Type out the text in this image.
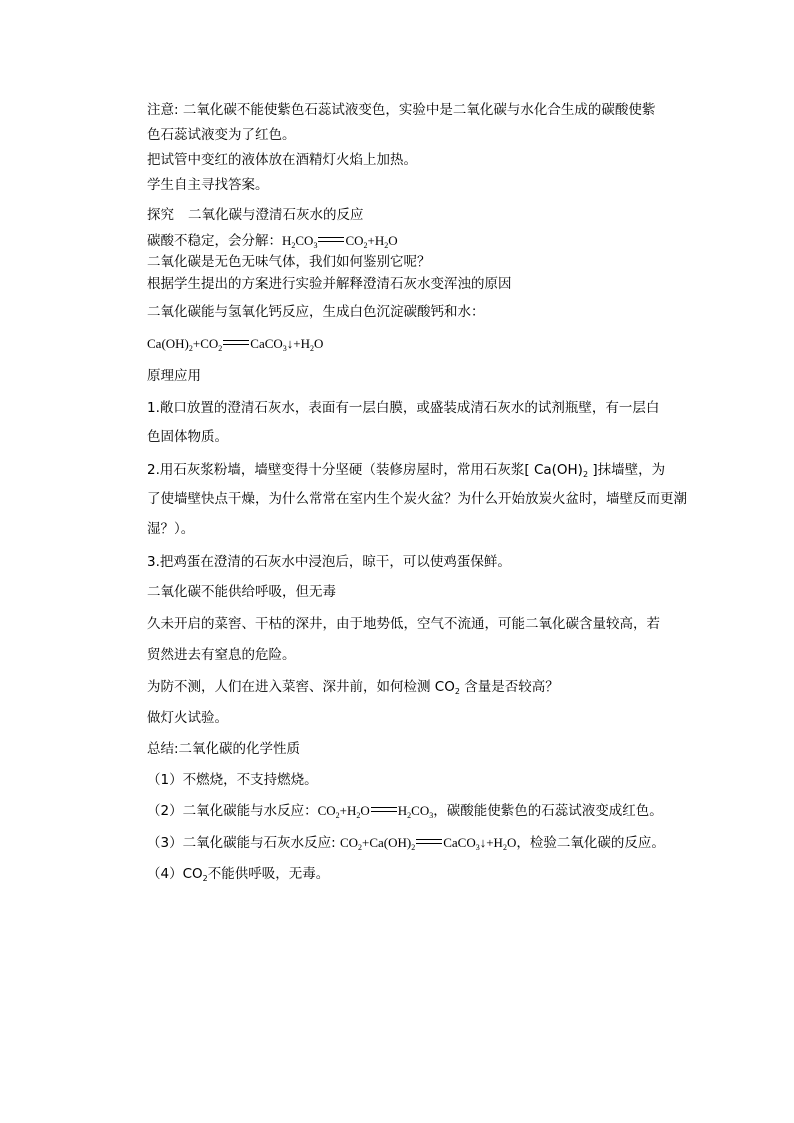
注意: 二氧化碳不能使紫色石蕊试液变色，实验中是二氧化碳与水化合生成的碳酸使紫
色石蕊试液变为了红色。
把试管中变红的液体放在酒精灯火焰上加热。
学生自主寻找答案。
探究 二氧化碳与澄清石灰水的反应
碳酸不稳定，会分解：$H_2CO_3$ $CO_2+H_2O$
二氧化碳是无色无味气体，我们如何鉴别它呢？
根据学生提出的方案进行实验并解释澄清石灰水变浑浊的原因
二氧化碳能与氢氧化钙反应，生成白色沉淀碳酸钙和水：
$Ca(OH)_2+CO_2$ $CaCO_3↓+H_2O$
原理应用
1.敞口放置的澄清石灰水，表面有一层白膜，或盛装成清石灰水的试剂瓶壁，有一层白
色固体物质。
2.用石灰浆粉墙，墙壁变得十分坚硬（装修房屋时，常用石灰浆[ $Ca(OH)_2$ ]抹墙壁，为
了使墙壁快点干燥，为什么常常在室内生个炭火盆？为什么开始放炭火盆时，墙壁反而更潮
湿？）。
3.把鸡蛋在澄清的石灰水中浸泡后，晾干，可以使鸡蛋保鲜。
二氧化碳不能供给呼吸，但无毒
久未开启的菜窖、干枯的深井，由于地势低，空气不流通，可能二氧化碳含量较高，若
贸然进去有窒息的危险。
为防不测，人们在进入菜窖、深井前，如何检测 $CO_2$ 含量是否较高？
做灯火试验。
总结:二氧化碳的化学性质
（1）不燃烧，不支持燃烧。
（2）二氧化碳能与水反应：$CO_2+H_2O$ $H_2CO_3$，碳酸能使紫色的石蕊试液变成红色。
（3）二氧化碳能与石灰水反应: $CO_2+Ca(OH)_2$ $CaCO_3↓+H_2O$，检验二氧化碳的反应。
$(4)CO_2$不能供呼吸，无毒。
